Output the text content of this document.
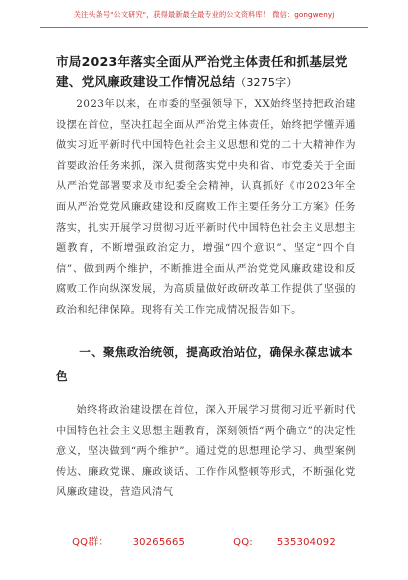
关注头条号"公文研究"，获得最新最全最专业的公文资料库！ 微信：gongwenyj
市局2023年落实全面从严治党主体责任和抓基层党建、党风廉政建设工作情况总结（3275字）

2023年以来，在市委的坚强领导下，XX始终坚持把政治建设摆在首位，坚决扛起全面从严治党主体责任，始终把学懂弄通做实习近平新时代中国特色社会主义思想和党的二十大精神作为首要政治任务来抓，深入贯彻落实党中央和省、市党委关于全面从严治党部署要求及市纪委全会精神，认真抓好《市2023年全面从严治党党风廉政建设和反腐败工作主要任务分工方案》任务落实，扎实开展学习贯彻习近平新时代中国特色社会主义思想主题教育，不断增强政治定力，增强“四个意识”、坚定“四个自信”、做到两个维护，不断推进全面从严治党党风廉政建设和反腐败工作向纵深发展，为高质量做好政研改革工作提供了坚强的政治和纪律保障。现将有关工作完成情况报告如下。

一、聚焦政治统领，提高政治站位，确保永葆忠诚本色

始终将政治建设摆在首位，深入开展学习贯彻习近平新时代中国特色社会主义思想主题教育，深刻领悟“两个确立”的决定性意义，坚决做到“两个维护”。通过党的思想理论学习、典型案例传达、廉政党课、廉政谈话、工作作风整顿等形式，不断强化党风廉政建设，营造风清气

QQ群： 30265665	QQ: 535304092
